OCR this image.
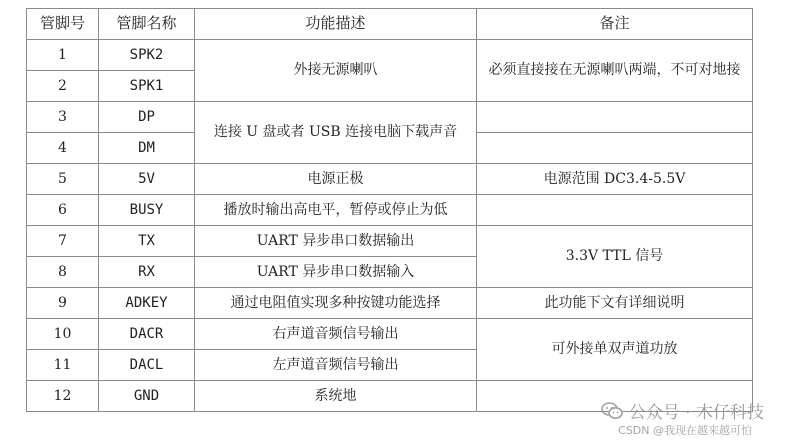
管脚号	管脚名称	功能描述	备注
1	SPK2	外接无源喇叭	必须直接接在无源喇叭两端，不可对地接
2	SPK1		
3	DP	连接 U 盘或者 USB 连接电脑下载声音	
4	DM		
5	5V	电源正极	电源范围 DC3.4-5.5V
6	BUSY	播放时输出高电平，暂停或停止为低	
7	TX	UART 异步串口数据输出	3.3V TTL 信号
8	RX	UART 异步串口数据输入	
9	ADKEY	通过电阻值实现多种按键功能选择	此功能下文有详细说明
10	DACR	右声道音频信号输出	可外接单双声道功放
11	DACL	左声道音频信号输出	
12	GND	系统地	
公众号 · 木仔科技
CSDN @我现在越来越可怕
